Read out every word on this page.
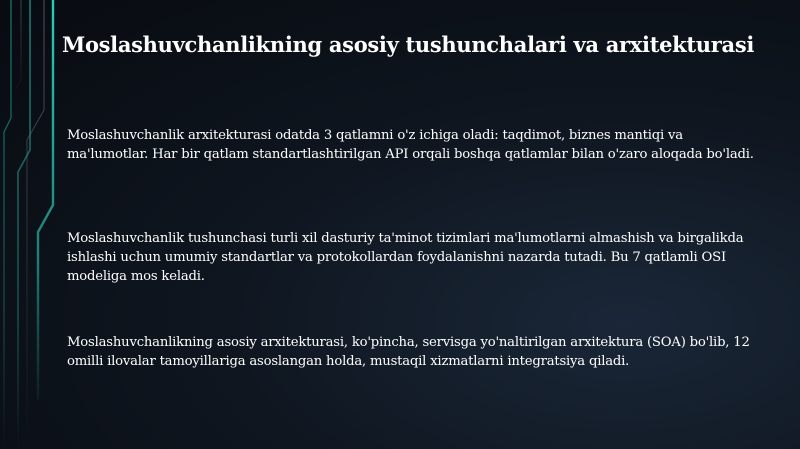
Moslashuvchanlikning asosiy tushunchalari va arxitekturasi

Moslashuvchanlik arxitekturasi odatda 3 qatlamni o'z ichiga oladi: taqdimot, biznes mantiqi va ma'lumotlar. Har bir qatlam standartlashtirilgan API orqali boshqa qatlamlar bilan o'zaro aloqada bo'ladi.

Moslashuvchanlik tushunchasi turli xil dasturiy ta'minot tizimlari ma'lumotlarni almashish va birgalikda ishlashi uchun umumiy standartlar va protokollardan foydalanishni nazarda tutadi. Bu 7 qatlamli OSI modeliga mos keladi.

Moslashuvchanlikning asosiy arxitekturasi, ko'pincha, servisga yo'naltirilgan arxitektura (SOA) bo'lib, 12 omilli ilovalar tamoyillariga asoslangan holda, mustaqil xizmatlarni integratsiya qiladi.
